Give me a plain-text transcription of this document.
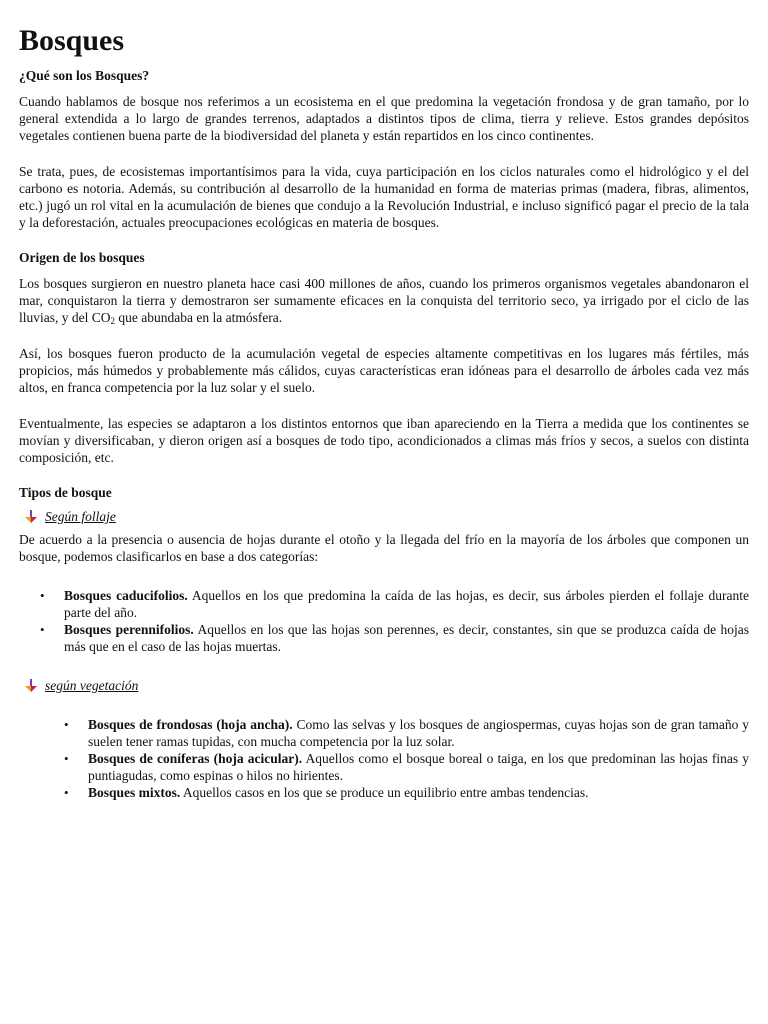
Bosques
¿Qué son los Bosques?

Cuando hablamos de bosque nos referimos a un ecosistema en el que predomina la vegetación frondosa y de gran tamaño, por lo general extendida a lo largo de grandes terrenos, adaptados a distintos tipos de clima, tierra y relieve. Estos grandes depósitos vegetales contienen buena parte de la biodiversidad del planeta y están repartidos en los cinco continentes.

Se trata, pues, de ecosistemas importantísimos para la vida, cuya participación en los ciclos naturales como el hidrológico y el del carbono es notoria. Además, su contribución al desarrollo de la humanidad en forma de materias primas (madera, fibras, alimentos, etc.) jugó un rol vital en la acumulación de bienes que condujo a la Revolución Industrial, e incluso significó pagar el precio de la tala y la deforestación, actuales preocupaciones ecológicas en materia de bosques.

Origen de los bosques

Los bosques surgieron en nuestro planeta hace casi 400 millones de años, cuando los primeros organismos vegetales abandonaron el mar, conquistaron la tierra y demostraron ser sumamente eficaces en la conquista del territorio seco, ya irrigado por el ciclo de las lluvias, y del $CO_2$ que abundaba en la atmósfera.

Así, los bosques fueron producto de la acumulación vegetal de especies altamente competitivas en los lugares más fértiles, más propicios, más húmedos y probablemente más cálidos, cuyas características eran idóneas para el desarrollo de árboles cada vez más altos, en franca competencia por la luz solar y el suelo.

Eventualmente, las especies se adaptaron a los distintos entornos que iban apareciendo en la Tierra a medida que los continentes se movían y diversificaban, y dieron origen así a bosques de todo tipo, acondicionados a climas más fríos y secos, a suelos con distinta composición, etc.

Tipos de bosque
Según follaje

De acuerdo a la presencia o ausencia de hojas durante el otoño y la llegada del frío en la mayoría de los árboles que componen un bosque, podemos clasificarlos en base a dos categorías:

• Bosques caducifolios. Aquellos en los que predomina la caída de las hojas, es decir, sus árboles pierden el follaje durante parte del año.
• Bosques perennifolios. Aquellos en los que las hojas son perennes, es decir, constantes, sin que se produzca caída de hojas más que en el caso de las hojas muertas.
según vegetación
• Bosques de frondosas (hoja ancha). Como las selvas y los bosques de angiospermas, cuyas hojas son de gran tamaño y suelen tener ramas tupidas, con mucha competencia por la luz solar.
• Bosques de coníferas (hoja acicular). Aquellos como el bosque boreal o taiga, en los que predominan las hojas finas y puntiagudas, como espinas o hilos no hirientes.
• Bosques mixtos. Aquellos casos en los que se produce un equilibrio entre ambas tendencias.
